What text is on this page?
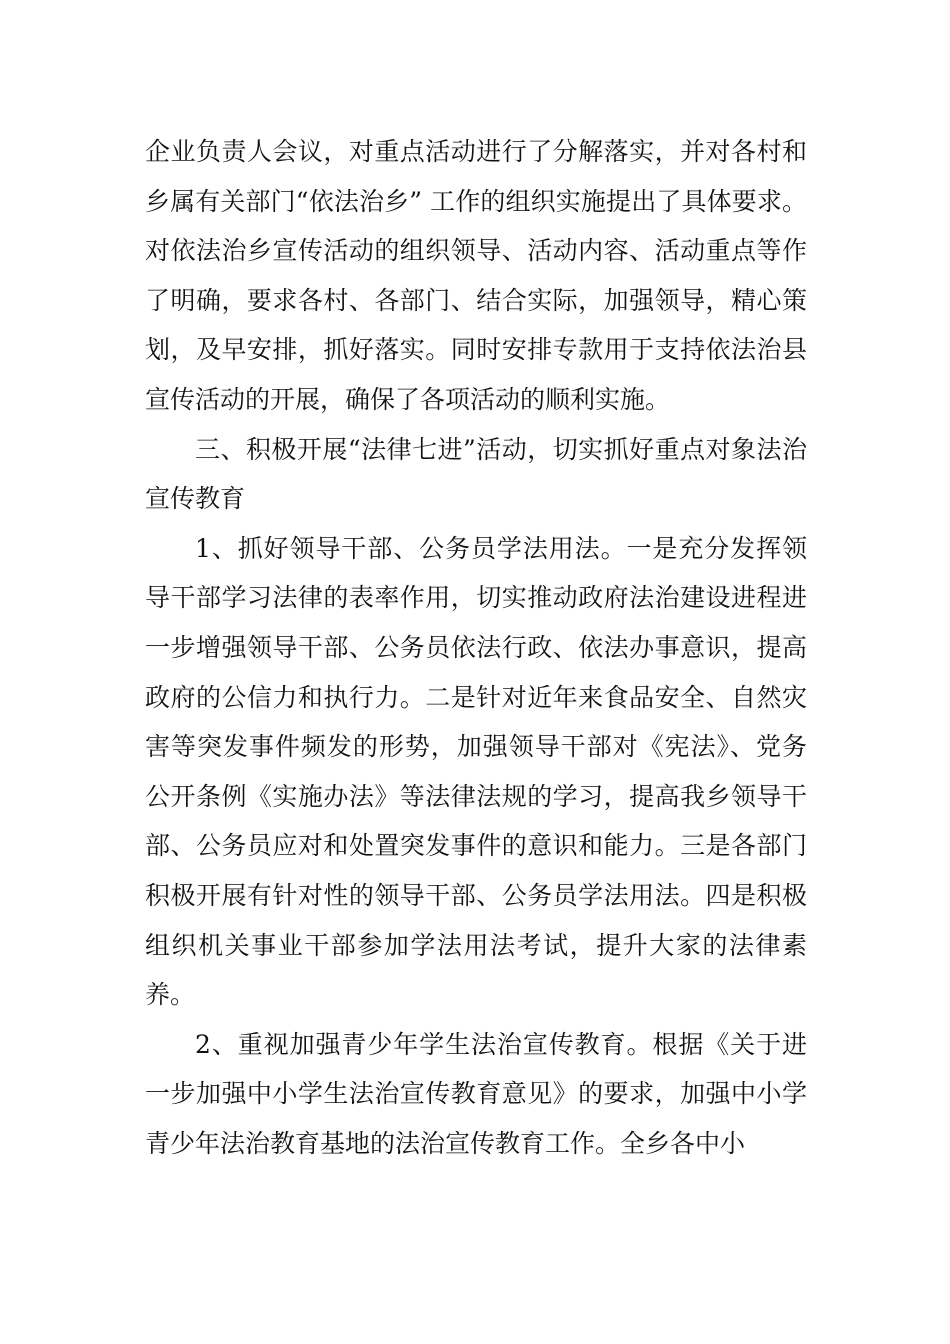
企业负责人会议，对重点活动进行了分解落实，并对各村和乡属有关部门“依法治乡” 工作的组织实施提出了具体要求。对依法治乡宣传活动的组织领导、活动内容、活动重点等作了明确，要求各村、各部门、结合实际，加强领导，精心策划，及早安排，抓好落实。同时安排专款用于支持依法治县宣传活动的开展，确保了各项活动的顺利实施。

三、积极开展“法律七进”活动，切实抓好重点对象法治宣传教育

1、抓好领导干部、公务员学法用法。一是充分发挥领导干部学习法律的表率作用，切实推动政府法治建设进程进一步增强领导干部、公务员依法行政、依法办事意识，提高政府的公信力和执行力。二是针对近年来食品安全、自然灾害等突发事件频发的形势，加强领导干部对《宪法》、党务公开条例《实施办法》等法律法规的学习，提高我乡领导干部、公务员应对和处置突发事件的意识和能力。三是各部门积极开展有针对性的领导干部、公务员学法用法。四是积极组织机关事业干部参加学法用法考试，提升大家的法律素养。

2、重视加强青少年学生法治宣传教育。根据《关于进一步加强中小学生法治宣传教育意见》的要求，加强中小学青少年法治教育基地的法治宣传教育工作。全乡各中小
